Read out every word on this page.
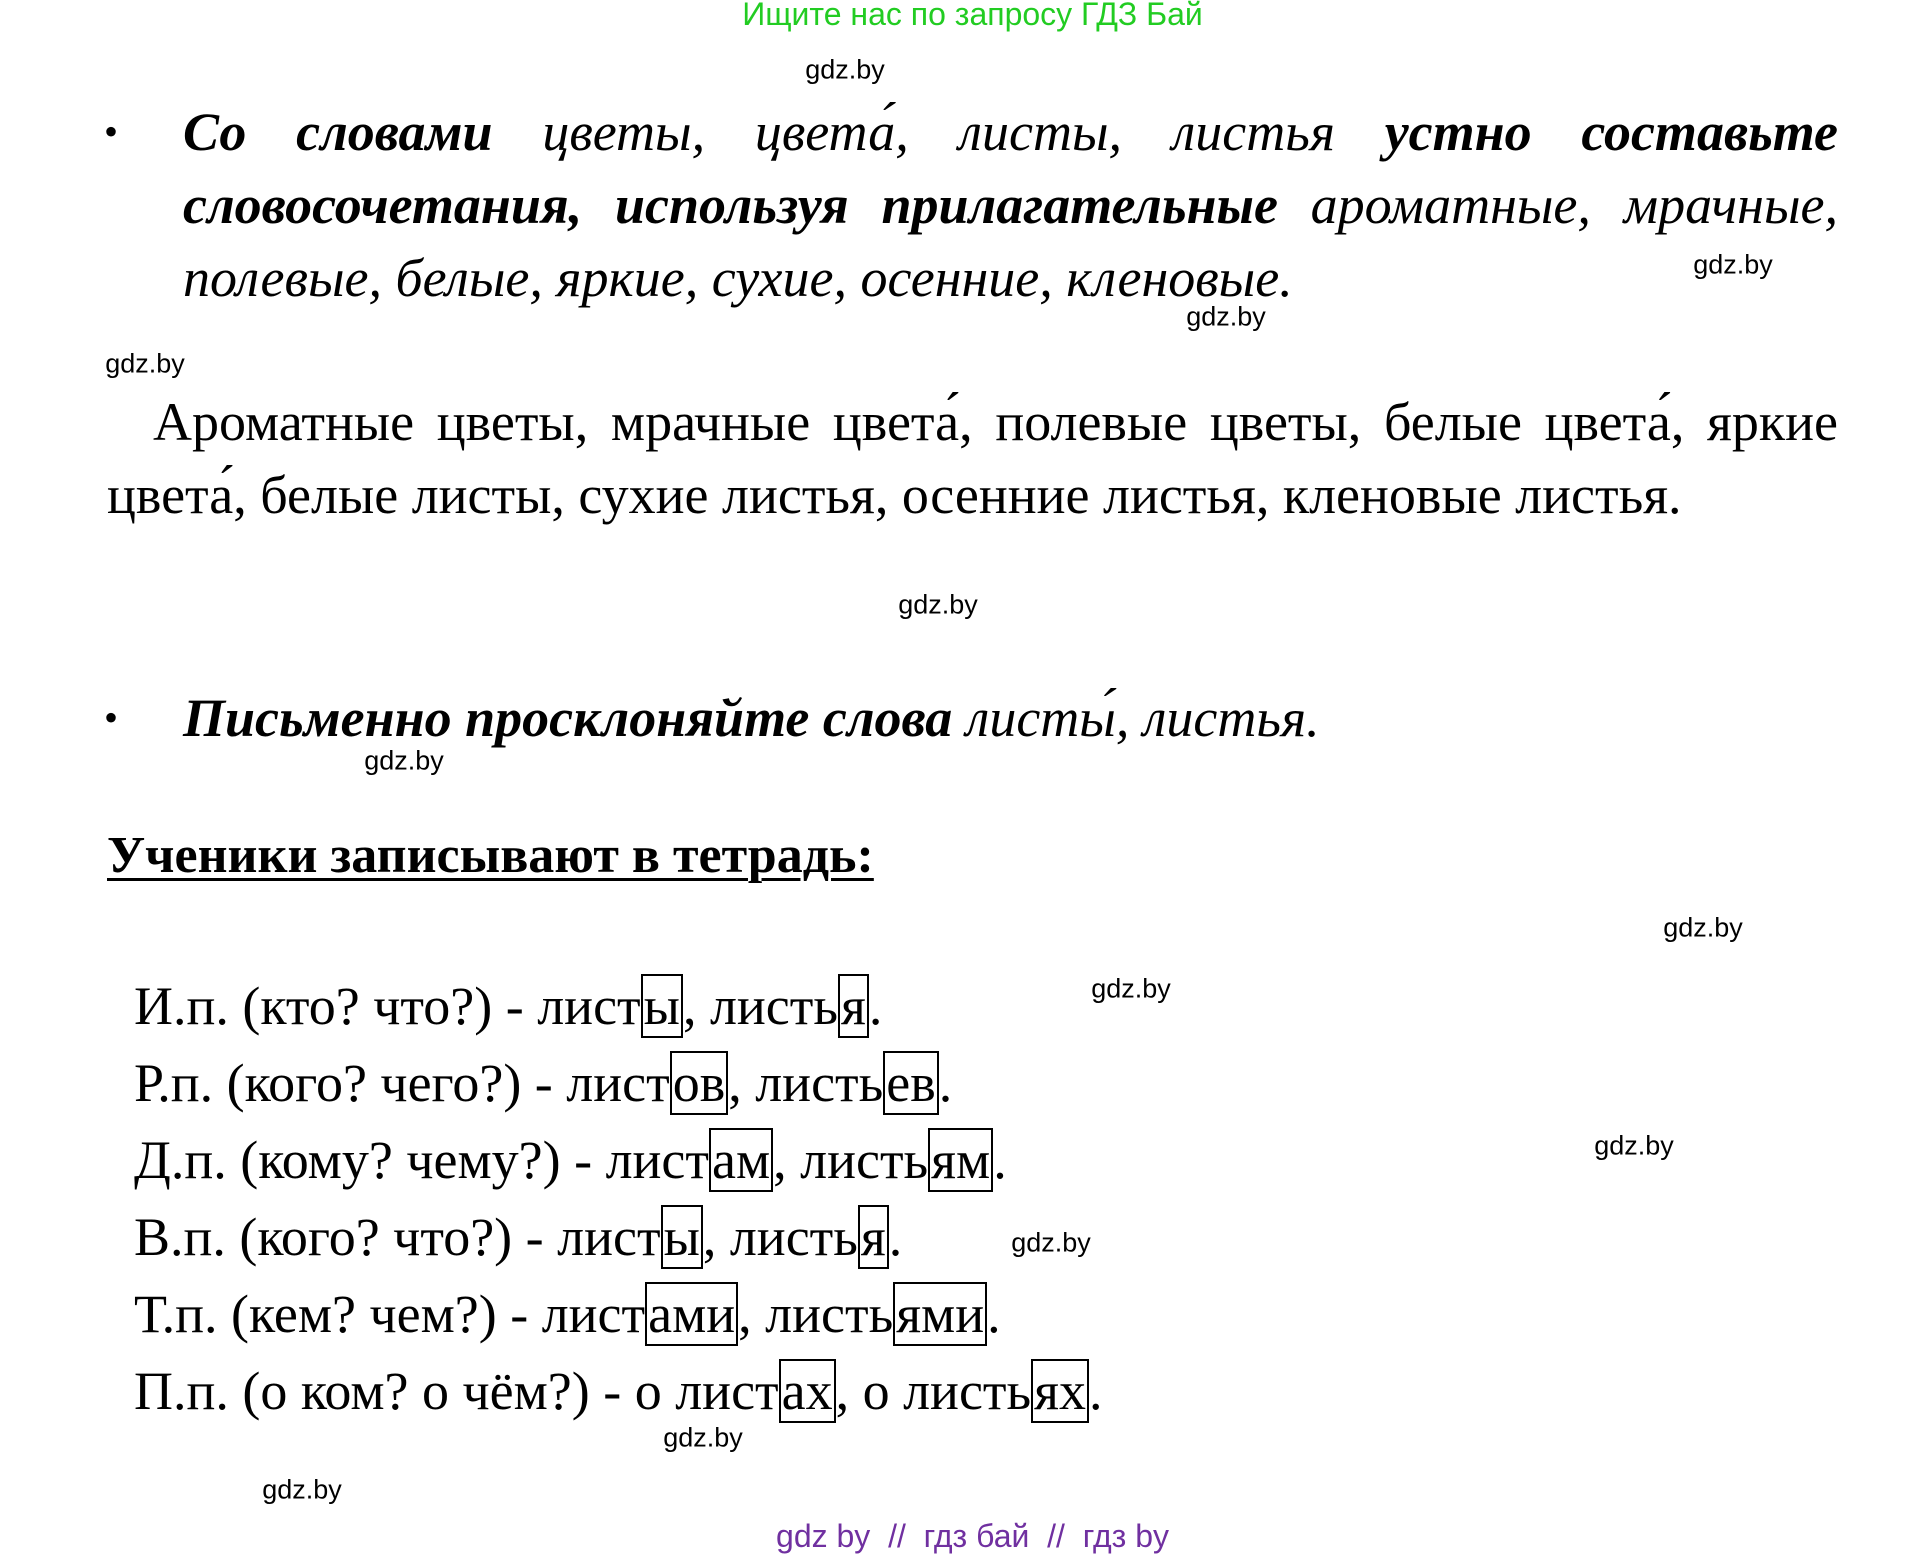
Ищите нас по запросу ГДЗ Бай
• Со словами цветы, цвета́, листы, листья устно составьте словосочетания, используя прилагательные ароматные, мрачные, полевые, белые, яркие, сухие, осенние, кленовые.
Ароматные цветы, мрачные цвета́, полевые цветы, белые цвета́, яркие цвета́, белые листы, сухие листья, осенние листья, кленовые листья.
• Письменно просклоняйте слова листы́, листья.
Ученики записывают в тетрадь:
И.п. (кто? что?) - листы, листья.
Р.п. (кого? чего?) - листов, листьев.
Д.п. (кому? чему?) - листам, листьям.
В.п. (кого? что?) - листы, листья.
Т.п. (кем? чем?) - листами, листьями.
П.п. (о ком? о чём?) - о листах, о листьях.
gdz.by
gdz.by
gdz.by
gdz.by
gdz.by
gdz.by
gdz.by
gdz.by
gdz.by
gdz.by
gdz.by
gdz.by
gdz by  //  гдз бай  //  гдз by
